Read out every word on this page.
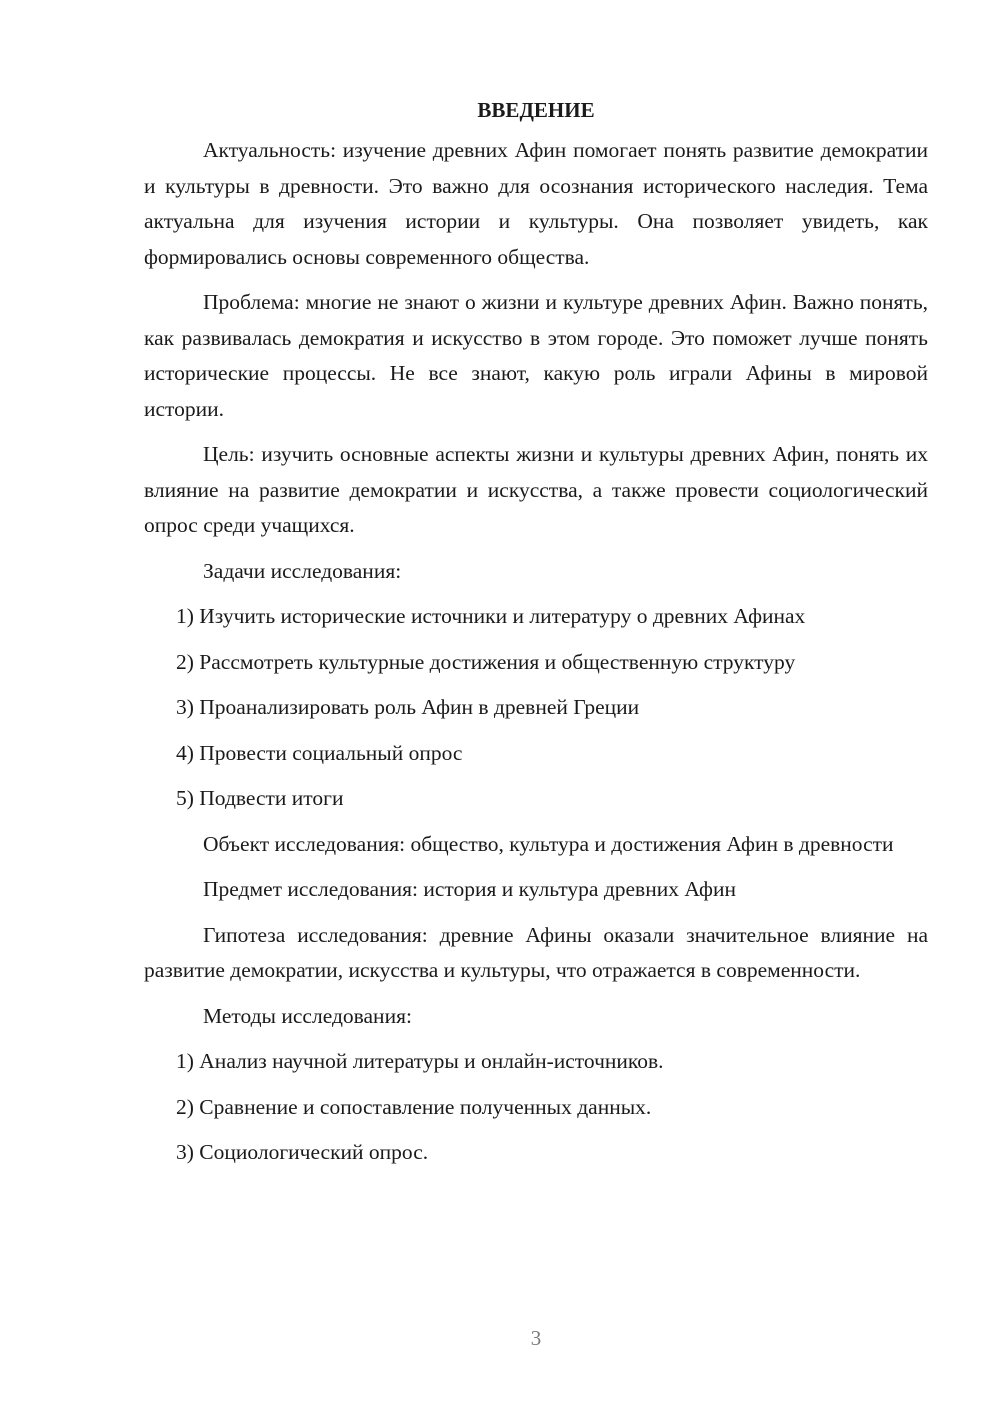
ВВЕДЕНИЕ

Актуальность: изучение древних Афин помогает понять развитие демократии и культуры в древности. Это важно для осознания исторического наследия. Тема актуальна для изучения истории и культуры. Она позволяет увидеть, как формировались основы современного общества.

Проблема: многие не знают о жизни и культуре древних Афин. Важно понять, как развивалась демократия и искусство в этом городе. Это поможет лучше понять исторические процессы. Не все знают, какую роль играли Афины в мировой истории.

Цель: изучить основные аспекты жизни и культуры древних Афин, понять их влияние на развитие демократии и искусства, а также провести социологический опрос среди учащихся.

Задачи исследования:

1) Изучить исторические источники и литературу о древних Афинах
2) Рассмотреть культурные достижения и общественную структуру
3) Проанализировать роль Афин в древней Греции
4) Провести социальный опрос
5) Подвести итоги

Объект исследования: общество, культура и достижения Афин в древности

Предмет исследования: история и культура древних Афин

Гипотеза исследования: древние Афины оказали значительное влияние на развитие демократии, искусства и культуры, что отражается в современности.

Методы исследования:

1) Анализ научной литературы и онлайн-источников.
2) Сравнение и сопоставление полученных данных.
3) Социологический опрос.
3
